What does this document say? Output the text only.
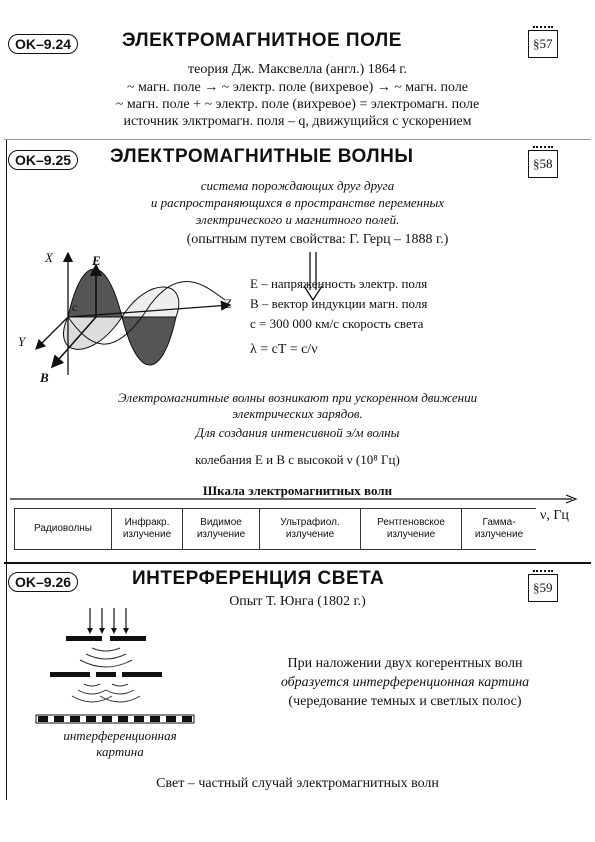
OK–9.24	ЭЛЕКТРОМАГНИТНОЕ ПОЛЕ	§57
теория Дж. Максвелла (англ.) 1864 г.
~ магн. поле → ~ электр. поле (вихревое) → ~ магн. поле
~ магн. поле + ~ электр. поле (вихревое) = электромагн. поле
источник элктромагн. поля – q, движущийся с ускорением
OK–9.25	ЭЛЕКТРОМАГНИТНЫЕ ВОЛНЫ	§58
система порождающих друг друга
и распространяющихся в пространстве переменных
электрического и магнитного полей.
(опытным путем свойства: Г. Герц – 1888 г.)
X	E
Z
Y
B
c
E – напряженность электр. поля
B – вектор индукции магн. поля
c = 300 000 км/с скорость света
λ = cT = c/ν
Электромагнитные волны возникают при ускоренном движении
электрических зарядов.
Для создания интенсивной э/м волны
колебания E и B с высокой ν (10⁸ Гц)
Шкала электромагнитных волн
Радиоволны	Инфракр. излучение	Видимое излучение	Ультрафиол. излучение	Рентгеновское излучение	Гамма-излучение
ν, Гц
OK–9.26	ИНТЕРФЕРЕНЦИЯ СВЕТА	§59
Опыт Т. Юнга (1802 г.)
интерференционная
картина
При наложении двух когерентных волн
образуется интерференционная картина
(чередование темных и светлых полос)
Свет – частный случай электромагнитных волн
